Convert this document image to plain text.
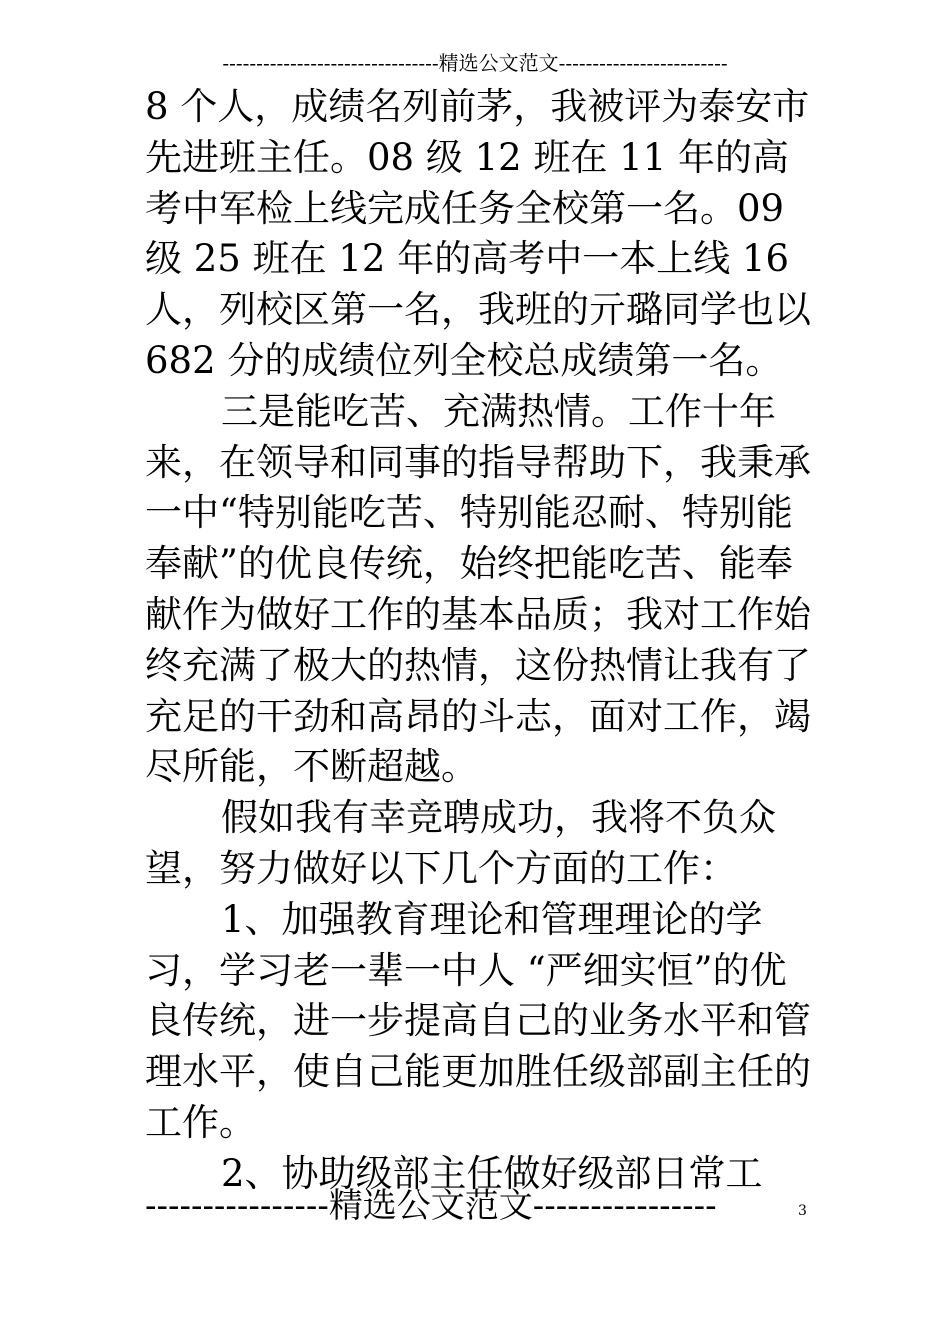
--------------------------------精选公文范文-------------------------

8 个人，成绩名列前茅，我被评为泰安市先进班主任。08 级 12 班在 11 年的高考中军检上线完成任务全校第一名。09 级 25 班在 12 年的高考中一本上线 16 人，列校区第一名，我班的亓璐同学也以 682 分的成绩位列全校总成绩第一名。

三是能吃苦、充满热情。工作十年来，在领导和同事的指导帮助下，我秉承一中“特别能吃苦、特别能忍耐、特别能奉献”的优良传统，始终把能吃苦、能奉献作为做好工作的基本品质；我对工作始终充满了极大的热情，这份热情让我有了充足的干劲和高昂的斗志，面对工作，竭尽所能，不断超越。

假如我有幸竞聘成功，我将不负众望，努力做好以下几个方面的工作：

1、加强教育理论和管理理论的学习，学习老一辈一中人 “严细实恒”的优良传统，进一步提高自己的业务水平和管理水平，使自己能更加胜任级部副主任的工作。

2、协助级部主任做好级部日常工

----------------精选公文范文----------------	3
